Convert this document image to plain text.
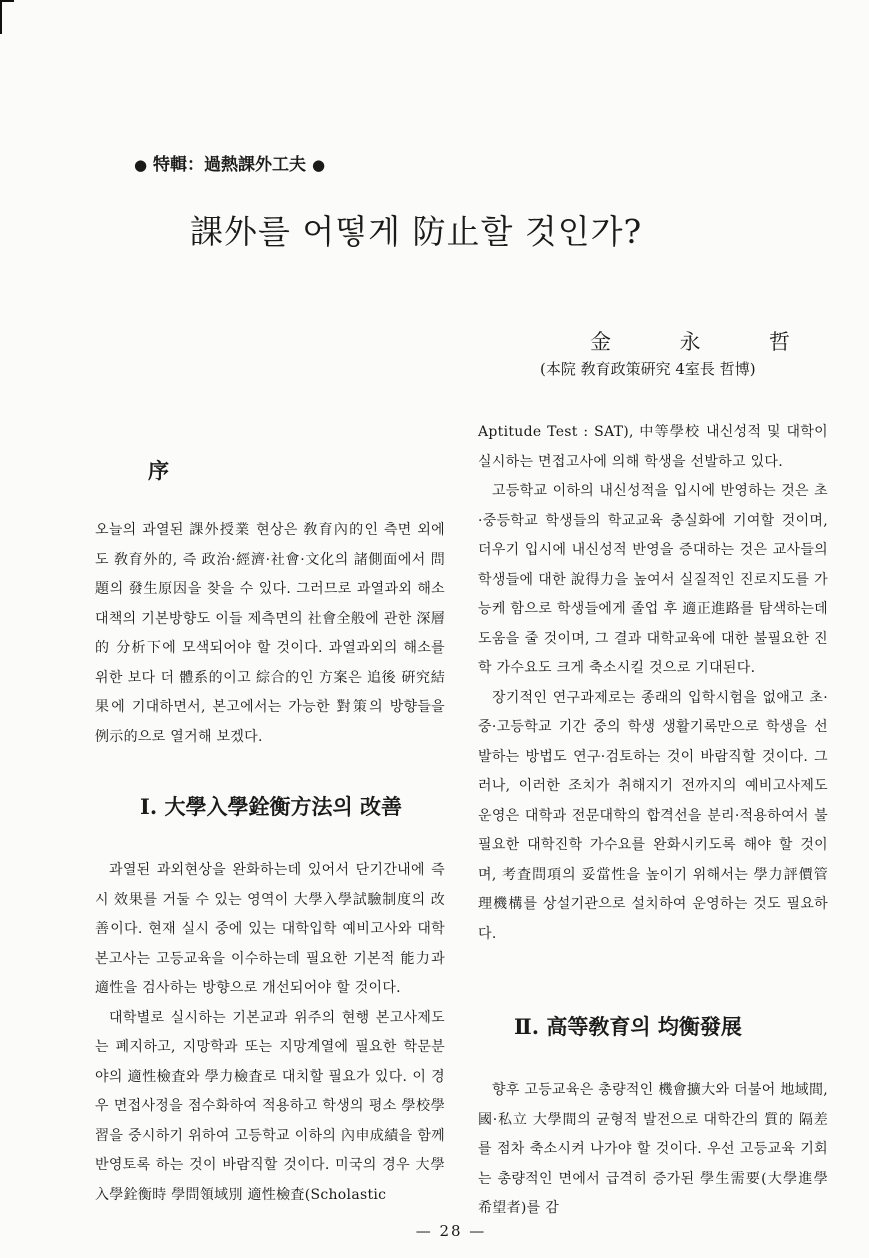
● 特輯：過熱課外工夫 ●
課外를 어떻게 防止할 것인가?
金	永	哲
(本院 敎育政策硏究 4室長 哲博)
序

오늘의 과열된 課外授業 현상은 敎育內的인 측면 외에도 敎育外的, 즉 政治·經濟·社會·文化의 諸側面에서 問題의 發生原因을 찾을 수 있다. 그러므로 과열과외 해소대책의 기본방향도 이들 제측면의 社會全般에 관한 深層的 分析下에 모색되어야 할 것이다. 과열과외의 해소를 위한 보다 더 體系的이고 綜合的인 方案은 追後 硏究結果에 기대하면서, 본고에서는 가능한 對策의 방향들을 例示的으로 열거해 보겠다.

Ⅰ. 大學入學銓衡方法의 改善

과열된 과외현상을 완화하는데 있어서 단기간내에 즉시 效果를 거둘 수 있는 영역이 大學入學試驗制度의 改善이다. 현재 실시 중에 있는 대학입학 예비고사와 대학 본고사는 고등교육을 이수하는데 필요한 기본적 能力과 適性을 검사하는 방향으로 개선되어야 할 것이다.

대학별로 실시하는 기본교과 위주의 현행 본고사제도는 폐지하고, 지망학과 또는 지망계열에 필요한 학문분야의 適性檢査와 學力檢査로 대치할 필요가 있다. 이 경우 면접사정을 점수화하여 적용하고 학생의 평소 學校學習을 중시하기 위하여 고등학교 이하의 內申成績을 함께 반영토록 하는 것이 바람직할 것이다. 미국의 경우 大學入學銓衡時 學問領域別 適性檢査(Scholastic

Aptitude Test : SAT), 中等學校 내신성적 및 대학이 실시하는 면접고사에 의해 학생을 선발하고 있다.

고등학교 이하의 내신성적을 입시에 반영하는 것은 초·중등학교 학생들의 학교교육 충실화에 기여할 것이며, 더우기 입시에 내신성적 반영을 증대하는 것은 교사들의 학생들에 대한 說得力을 높여서 실질적인 진로지도를 가능케 함으로 학생들에게 졸업 후 適正進路를 탐색하는데 도움을 줄 것이며, 그 결과 대학교육에 대한 불필요한 진학 가수요도 크게 축소시킬 것으로 기대된다.

장기적인 연구과제로는 종래의 입학시험을 없애고 초·중·고등학교 기간 중의 학생 생활기록만으로 학생을 선발하는 방법도 연구·검토하는 것이 바람직할 것이다. 그러나, 이러한 조치가 취해지기 전까지의 예비고사제도 운영은 대학과 전문대학의 합격선을 분리·적용하여서 불필요한 대학진학 가수요를 완화시키도록 해야 할 것이며, 考査問項의 妥當性을 높이기 위해서는 學力評價管理機構를 상설기관으로 설치하여 운영하는 것도 필요하다.

Ⅱ. 高等敎育의 均衡發展

향후 고등교육은 총량적인 機會擴大와 더불어 地域間, 國·私立 大學間의 균형적 발전으로 대학간의 質的 隔差를 점차 축소시켜 나가야 할 것이다. 우선 고등교육 기회는 총량적인 면에서 급격히 증가된 學生需要(大學進學 希望者)를 감

— 28 —
